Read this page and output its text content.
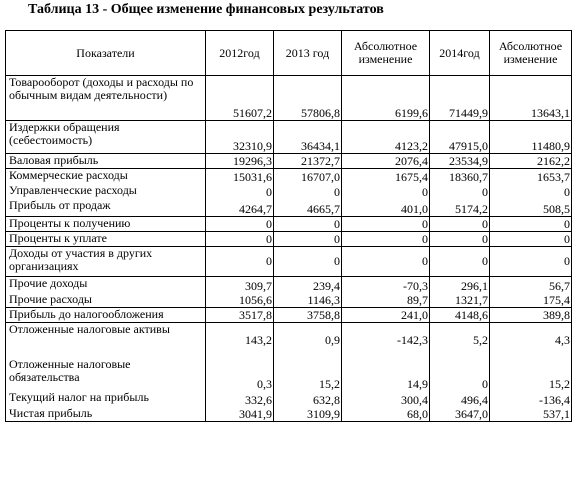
Таблица 13 - Общее изменение финансовых результатов
Показатели	2012год	2013 год	Абсолютное изменение	2014год	Абсолютное изменение
Товарооборот (доходы и расходы по обычным видам деятельности)	51607,2	57806,8	6199,6	71449,9	13643,1
Издержки обращения (себестоимость)	32310,9	36434,1	4123,2	47915,0	11480,9
Валовая прибыль	19296,3	21372,7	2076,4	23534,9	2162,2
Коммерческие расходы	15031,6	16707,0	1675,4	18360,7	1653,7
Управленческие расходы	0	0	0	0	0
Прибыль от продаж	4264,7	4665,7	401,0	5174,2	508,5
Проценты к получению	0	0	0	0	0
Проценты к уплате	0	0	0	0	0
Доходы от участия в других организациях	0	0	0	0	0
Прочие доходы	309,7	239,4	-70,3	296,1	56,7
Прочие расходы	1056,6	1146,3	89,7	1321,7	175,4
Прибыль до налогообложения	3517,8	3758,8	241,0	4148,6	389,8
Отложенные налоговые активы	143,2	0,9	-142,3	5,2	4,3
Отложенные налоговые обязательства	0,3	15,2	14,9	0	15,2
Текущий налог на прибыль	332,6	632,8	300,4	496,4	-136,4
Чистая прибыль	3041,9	3109,9	68,0	3647,0	537,1
